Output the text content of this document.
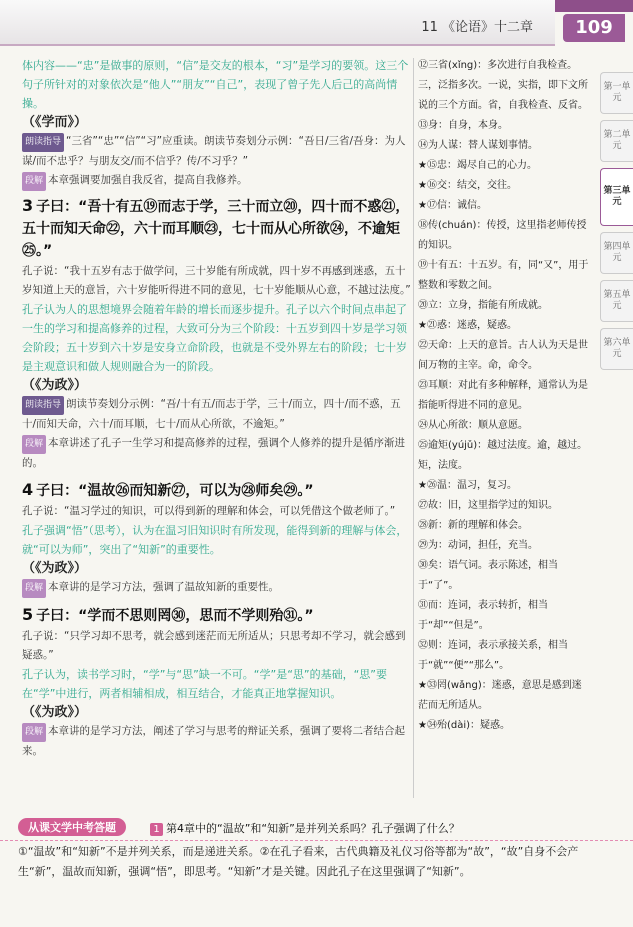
11 《论语》十二章	109
第一单元
第二单元
第三单元
第四单元
第五单元
第六单元
体内容——“忠”是做事的原则，“信”是交友的根本，“习”是学习的要领。这三个句子所针对的对象依次是“他人”“朋友”“自己”，表现了曾子先人后己的高尚情操。 （《学而》）
朗读指导 “三省”“忠”“信”“习”应重读。朗读节奏划分示例：“吾日/三省/吾身：为人谋/而不忠乎？与朋友交/而不信乎？传/不习乎？”
段解 本章强调要加强自我反省，提高自我修养。
3 子曰：“吾十有五⑲而志于学，三十而立⑳，四十而不惑㉑，五十而知天命㉒，六十而耳顺㉓，七十而从心所欲㉔，不逾矩㉕。”
孔子说：“我十五岁有志于做学问，三十岁能有所成就，四十岁不再感到迷惑，五十岁知道上天的意旨，六十岁能听得进不同的意见，七十岁能顺从心意，不越过法度。”
孔子认为人的思想境界会随着年龄的增长而逐步提升。孔子以六个时间点串起了一生的学习和提高修养的过程，大致可分为三个阶段：十五岁到四十岁是学习领会阶段；五十岁到六十岁是安身立命阶段，也就是不受外界左右的阶段；七十岁是主观意识和做人规则融合为一的阶段。
（《为政》）
朗读指导 朗读节奏划分示例：“吾/十有五/而志于学，三十/而立，四十/而不惑，五十/而知天命，六十/而耳顺，七十/而从心所欲，不逾矩。”
段解 本章讲述了孔子一生学习和提高修养的过程，强调个人修养的提升是循序渐进的。
4 子曰：“温故㉖而知新㉗，可以为㉘师矣㉙。”
孔子说：“温习学过的知识，可以得到新的理解和体会，可以凭借这个做老师了。”
孔子强调“悟”（思考），认为在温习旧知识时有所发现，能得到新的理解与体会，就“可以为师”，突出了“知新”的重要性。
（《为政》）
段解 本章讲的是学习方法，强调了温故知新的重要性。
5 子曰：“学而不思则罔㉚，思而不学则殆㉛。”
孔子说：“只学习却不思考，就会感到迷茫而无所适从；只思考却不学习，就会感到疑惑。”
孔子认为，读书学习时，“学”与“思”缺一不可。“学”是“思”的基础，“思”要在“学”中进行，两者相辅相成，相互结合，才能真正地掌握知识。
（《为政》）
段解 本章讲的是学习方法，阐述了学习与思考的辩证关系，强调了要将二者结合起来。
⑫三省(xǐng)：多次进行自我检查。三，泛指多次。一说，实指，即下文所说的三个方面。省，自我检查、反省。
⑬身：自身，本身。
⑭为人谋：替人谋划事情。
★⑮忠：竭尽自己的心力。
★⑯交：结交，交往。
★⑰信：诚信。
⑱传(chuán)：传授，这里指老师传授的知识。
⑲十有五：十五岁。有，同“又”，用于整数和零数之间。
⑳立：立身，指能有所成就。
★㉑惑：迷惑，疑惑。
㉒天命：上天的意旨。古人认为天是世间万物的主宰。命，命令。
㉓耳顺：对此有多种解释，通常认为是指能听得进不同的意见。
㉔从心所欲：顺从意愿。
㉕逾矩(yújǔ)：越过法度。逾，越过。矩，法度。
★㉖温：温习，复习。
㉗故：旧，这里指学过的知识。
㉘新：新的理解和体会。
㉙为：动词，担任，充当。
㉚矣：语气词。表示陈述，相当于“了”。
㉛而：连词，表示转折，相当于“却”“但是”。
㉜则：连词，表示承接关系，相当于“就”“便”“那么”。
★㉝罔(wǎng)：迷惑，意思是感到迷茫而无所适从。
★㉞殆(dài)：疑惑。
从课文学中考答题	1 第4章中的“温故”和“知新”是并列关系吗？孔子强调了什么？
①“温故”和“知新”不是并列关系，而是递进关系。②在孔子看来，古代典籍及礼仪习俗等都为“故”，“故”自身不会产生“新”，温故而知新，强调“悟”，即思考。“知新”才是关键。因此孔子在这里强调了“知新”。
